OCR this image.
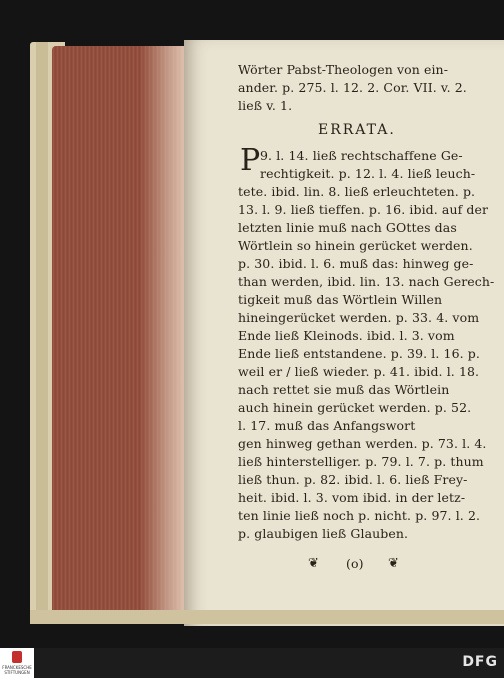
Wörter Pabst-Theologen von ein-
ander. p. 275. l. 12. 2. Cor. VII. v. 2.
ließ v. 1.
ERRATA.
P 9. l. 14. ließ rechtschaffene Ge-
rechtigkeit. p. 12. l. 4. ließ leuch-
tete. ibid. lin. 8. ließ erleuchteten. p.
13. l. 9. ließ tieffen. p. 16. ibid. auf der
letzten linie muß nach GOttes das
Wörtlein so hinein gerücket werden.
p. 30. ibid. l. 6. muß das: hinweg ge-
than werden, ibid. lin. 13. nach Gerech-
tigkeit muß das Wörtlein Willen
hineingerücket werden. p. 33. 4. vom
Ende ließ Kleinods. ibid. l. 3. vom
Ende ließ entstandene. p. 39. l. 16. p.
weil er / ließ wieder. p. 41. ibid. l. 18.
nach rettet sie muß das Wörtlein
auch hinein gerücket werden. p. 52.
l. 17. muß das Anfangswort
gen hinweg gethan werden. p. 73. l. 4.
ließ hinterstelliger. p. 79. l. 7. p. thum
ließ thun. p. 82. ibid. l. 6. ließ Frey-
heit. ibid. l. 3. vom ibid. in der letz-
ten linie ließ noch p. nicht. p. 97. l. 2.
p. glaubigen ließ Glauben.
❦ (o) ❦
FRANCKESCHE
STIFTUNGEN
DFG
